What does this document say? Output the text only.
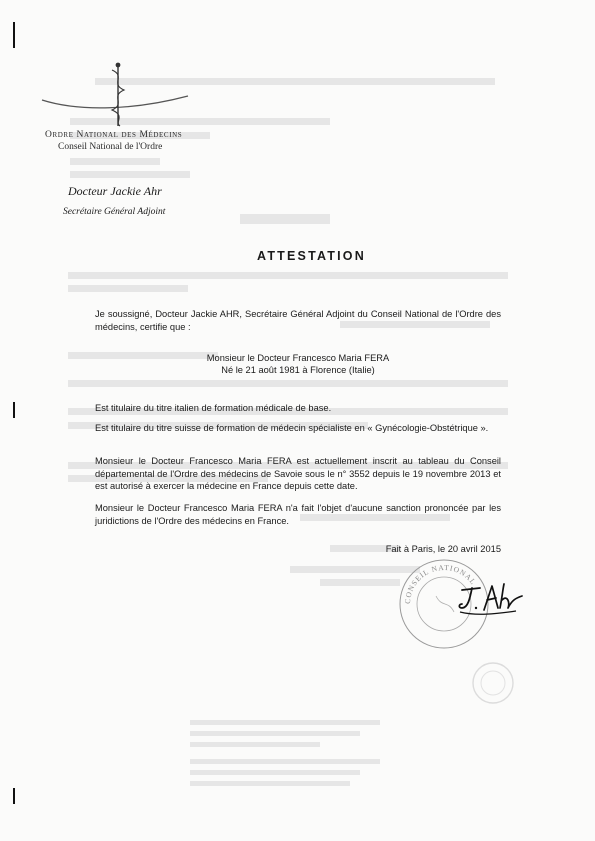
Ordre National des Médecins
Conseil National de l'Ordre
Docteur Jackie Ahr
Secrétaire Général Adjoint
ATTESTATION
Je soussigné, Docteur Jackie AHR, Secrétaire Général Adjoint du Conseil National de l'Ordre des médecins, certifie que :
Monsieur le Docteur Francesco Maria FERA
Né le 21 août 1981 à Florence (Italie)
Est titulaire du titre italien de formation médicale de base.
Est titulaire du titre suisse de formation de médecin spécialiste en « Gynécologie-Obstétrique ».
Monsieur le Docteur Francesco Maria FERA est actuellement inscrit au tableau du Conseil départemental de l'Ordre des médecins de Savoie sous le n° 3552 depuis le 19 novembre 2013 et est autorisé à exercer la médecine en France depuis cette date.
Monsieur le Docteur Francesco Maria FERA n'a fait l'objet d'aucune sanction prononcée par les juridictions de l'Ordre des médecins en France.
Fait à Paris, le 20 avril 2015
CONSEIL NATIONAL
